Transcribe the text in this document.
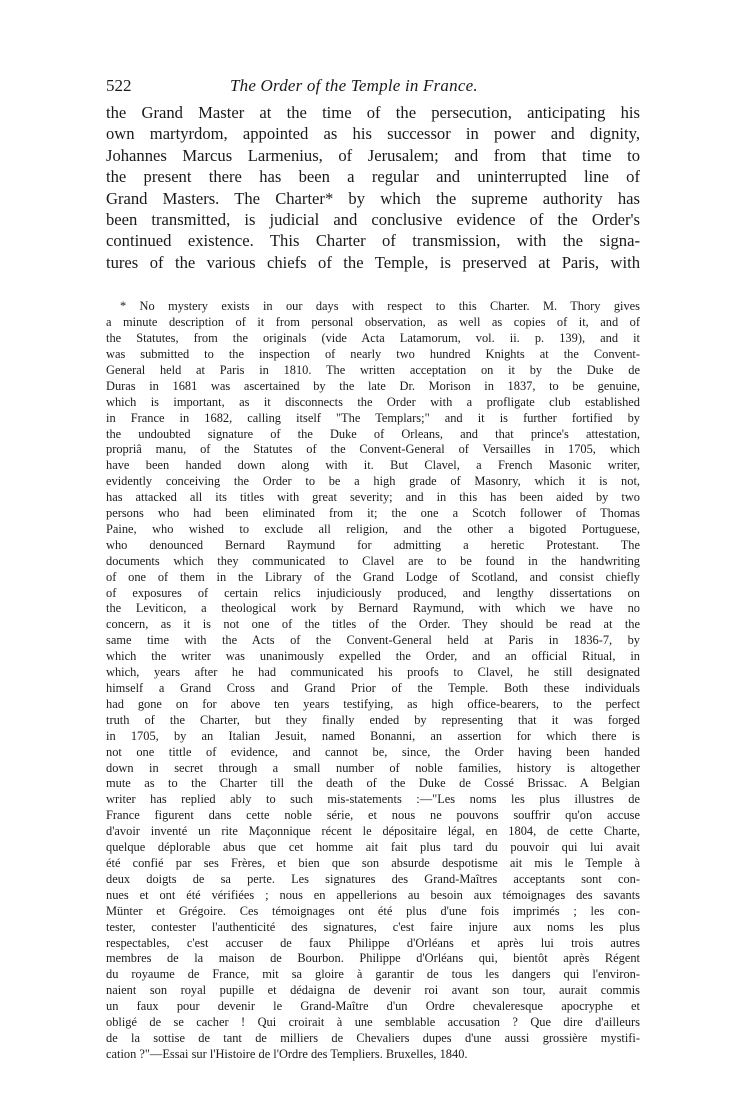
522	The Order of the Temple in France.
the Grand Master at the time of the persecution, anticipating his
own martyrdom, appointed as his successor in power and dignity,
Johannes Marcus Larmenius, of Jerusalem; and from that time to
the present there has been a regular and uninterrupted line of
Grand Masters. The Charter* by which the supreme authority has
been transmitted, is judicial and conclusive evidence of the Order's
continued existence. This Charter of transmission, with the signa-
tures of the various chiefs of the Temple, is preserved at Paris, with
* No mystery exists in our days with respect to this Charter. M. Thory gives
a minute description of it from personal observation, as well as copies of it, and of
the Statutes, from the originals (vide Acta Latamorum, vol. ii. p. 139), and it
was submitted to the inspection of nearly two hundred Knights at the Convent-
General held at Paris in 1810. The written acceptation on it by the Duke de
Duras in 1681 was ascertained by the late Dr. Morison in 1837, to be genuine,
which is important, as it disconnects the Order with a profligate club established
in France in 1682, calling itself "The Templars;" and it is further fortified by
the undoubted signature of the Duke of Orleans, and that prince's attestation,
propriâ manu, of the Statutes of the Convent-General of Versailles in 1705, which
have been handed down along with it. But Clavel, a French Masonic writer,
evidently conceiving the Order to be a high grade of Masonry, which it is not,
has attacked all its titles with great severity; and in this has been aided by two
persons who had been eliminated from it; the one a Scotch follower of Thomas
Paine, who wished to exclude all religion, and the other a bigoted Portuguese,
who denounced Bernard Raymund for admitting a heretic Protestant. The
documents which they communicated to Clavel are to be found in the handwriting
of one of them in the Library of the Grand Lodge of Scotland, and consist chiefly
of exposures of certain relics injudiciously produced, and lengthy dissertations on
the Leviticon, a theological work by Bernard Raymund, with which we have no
concern, as it is not one of the titles of the Order. They should be read at the
same time with the Acts of the Convent-General held at Paris in 1836-7, by
which the writer was unanimously expelled the Order, and an official Ritual, in
which, years after he had communicated his proofs to Clavel, he still designated
himself a Grand Cross and Grand Prior of the Temple. Both these individuals
had gone on for above ten years testifying, as high office-bearers, to the perfect
truth of the Charter, but they finally ended by representing that it was forged
in 1705, by an Italian Jesuit, named Bonanni, an assertion for which there is
not one tittle of evidence, and cannot be, since, the Order having been handed
down in secret through a small number of noble families, history is altogether
mute as to the Charter till the death of the Duke de Cossé Brissac. A Belgian
writer has replied ably to such mis-statements :—"Les noms les plus illustres de
France figurent dans cette noble série, et nous ne pouvons souffrir qu'on accuse
d'avoir inventé un rite Maçonnique récent le dépositaire légal, en 1804, de cette Charte,
quelque déplorable abus que cet homme ait fait plus tard du pouvoir qui lui avait
été confié par ses Frères, et bien que son absurde despotisme ait mis le Temple à
deux doigts de sa perte. Les signatures des Grand-Maîtres acceptants sont con-
nues et ont été vérifiées ; nous en appellerions au besoin aux témoignages des savants
Münter et Grégoire. Ces témoignages ont été plus d'une fois imprimés ; les con-
tester, contester l'authenticité des signatures, c'est faire injure aux noms les plus
respectables, c'est accuser de faux Philippe d'Orléans et après lui trois autres
membres de la maison de Bourbon. Philippe d'Orléans qui, bientôt après Régent
du royaume de France, mit sa gloire à garantir de tous les dangers qui l'environ-
naient son royal pupille et dédaigna de devenir roi avant son tour, aurait commis
un faux pour devenir le Grand-Maître d'un Ordre chevaleresque apocryphe et
obligé de se cacher ! Qui croirait à une semblable accusation ? Que dire d'ailleurs
de la sottise de tant de milliers de Chevaliers dupes d'une aussi grossière mystifi-
cation ?"—Essai sur l'Histoire de l'Ordre des Templiers. Bruxelles, 1840.
